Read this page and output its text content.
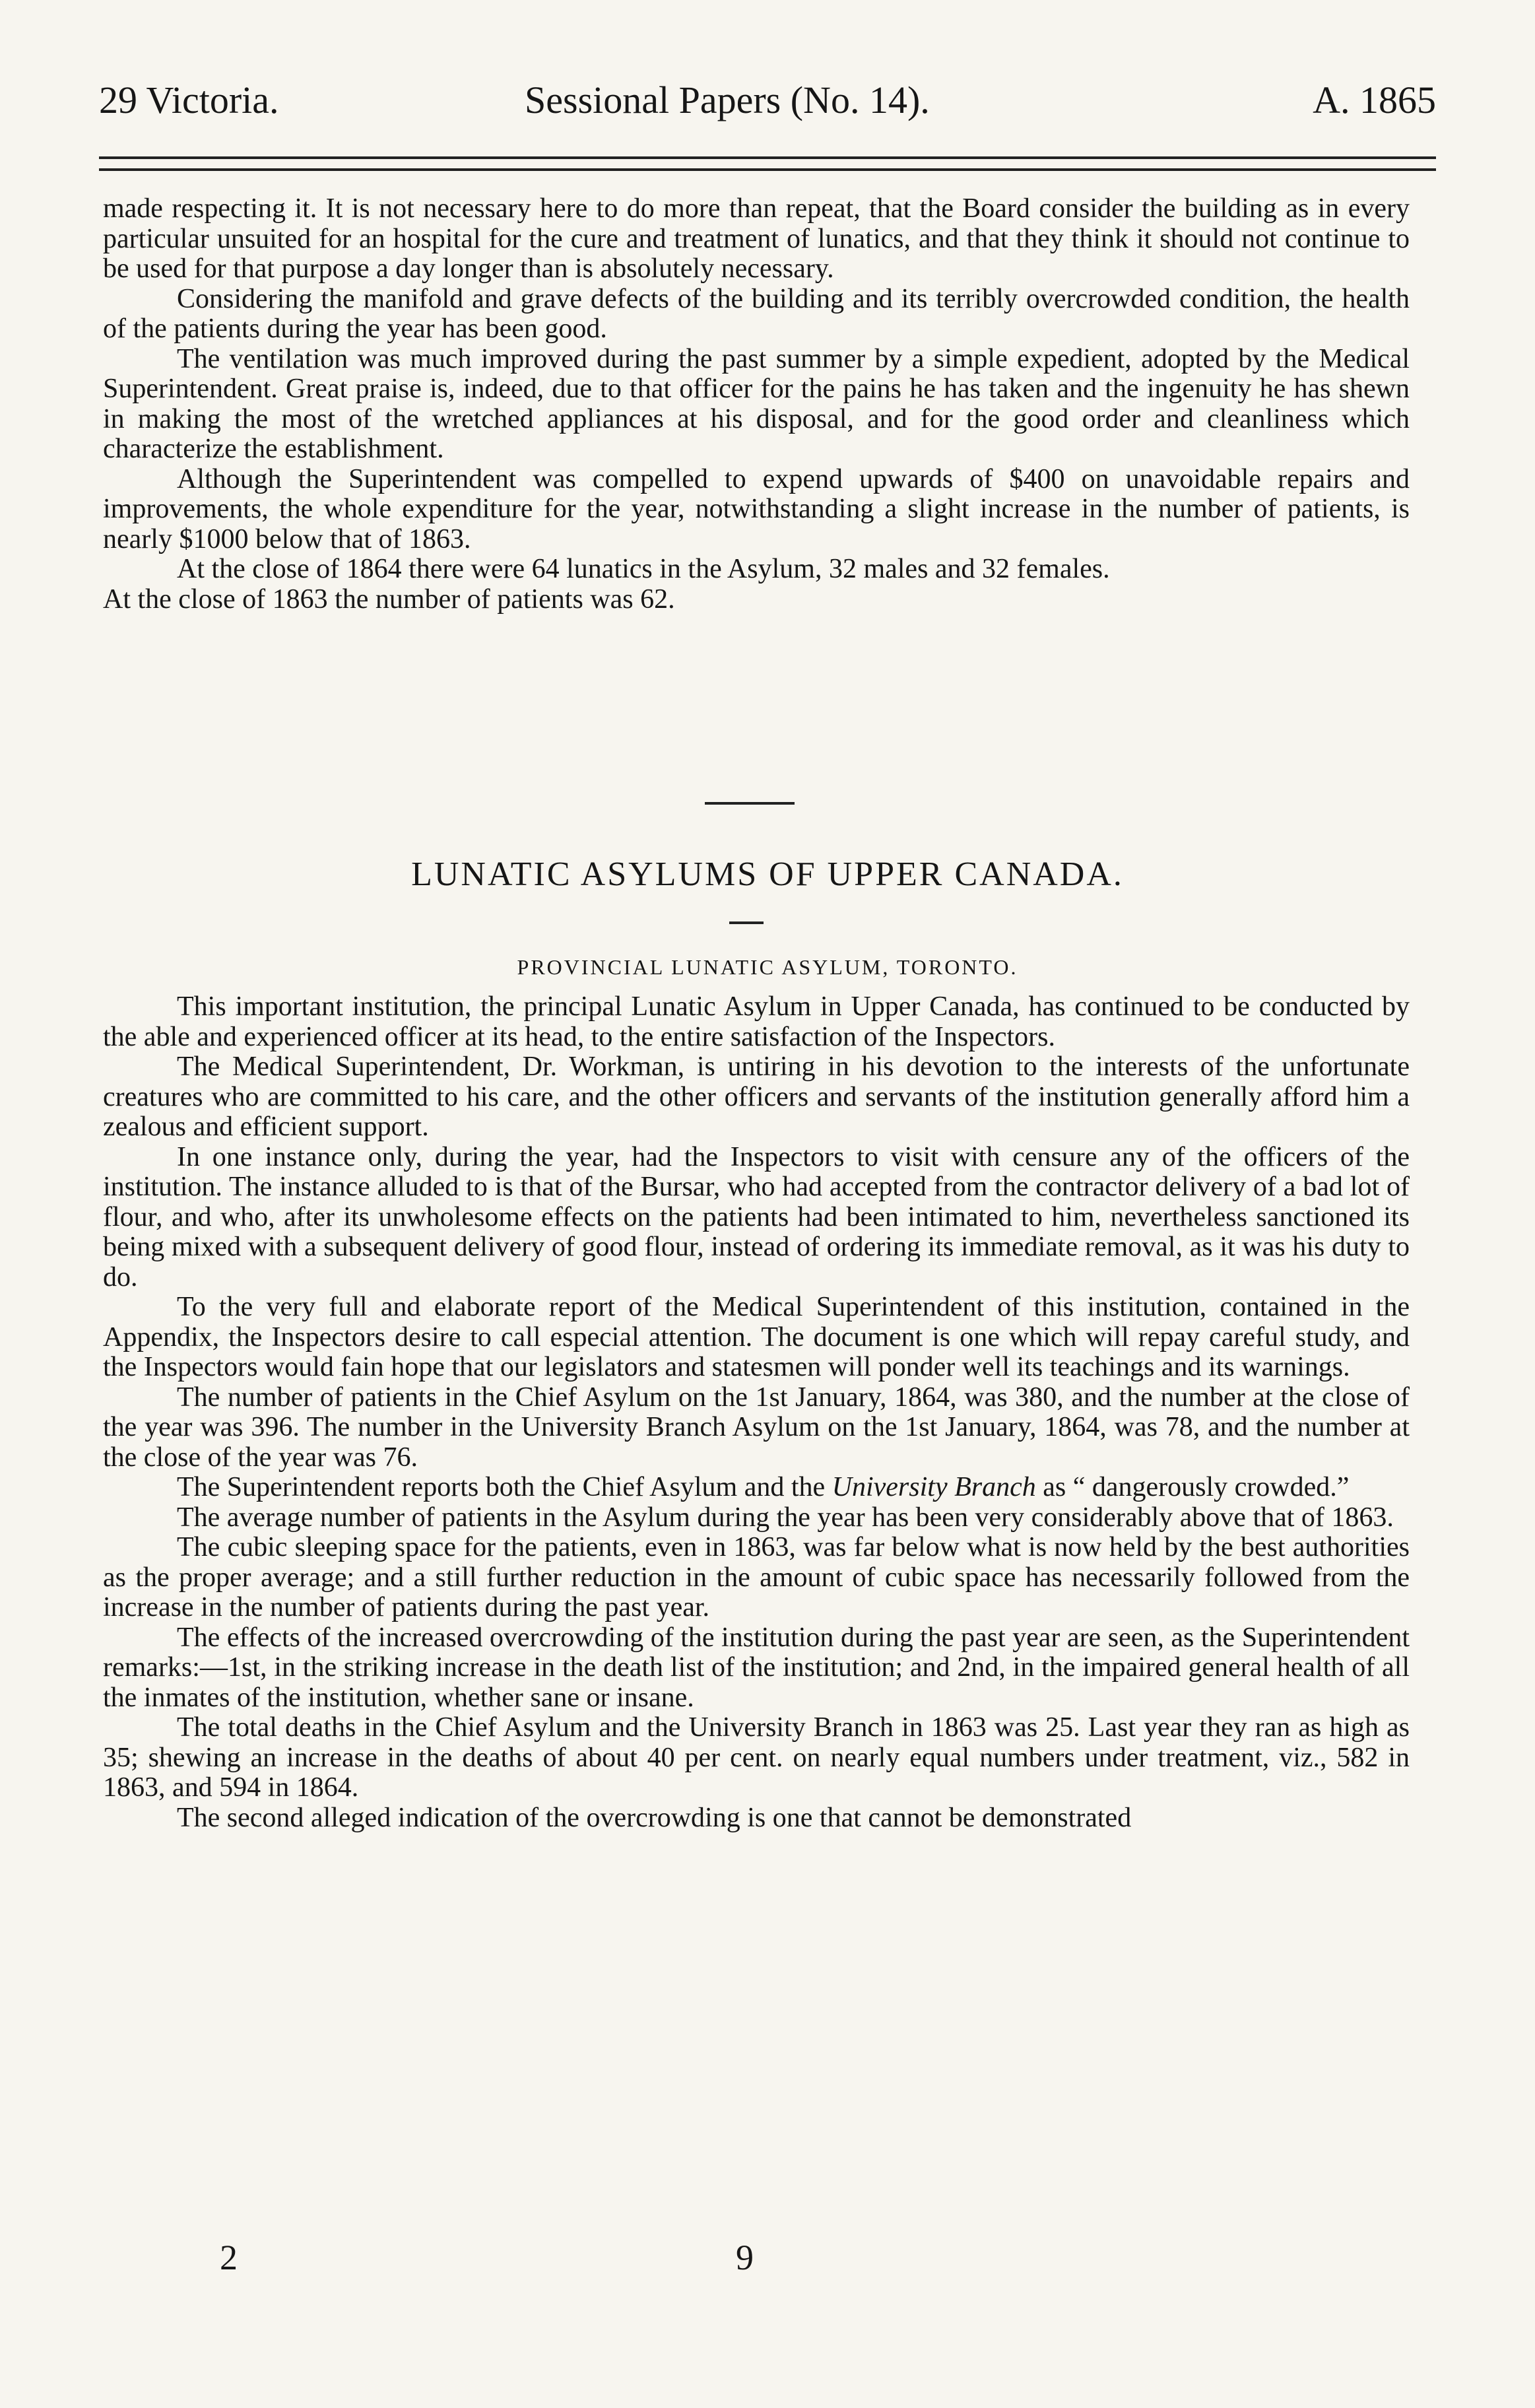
29 Victoria.	Sessional Papers (No. 14).	A. 1865

made respecting it. It is not necessary here to do more than repeat, that the Board consider the building as in every particular unsuited for an hospital for the cure and treatment of lunatics, and that they think it should not continue to be used for that purpose a day longer than is absolutely necessary.

Considering the manifold and grave defects of the building and its terribly overcrowded condition, the health of the patients during the year has been good.

The ventilation was much improved during the past summer by a simple expedient, adopted by the Medical Superintendent. Great praise is, indeed, due to that officer for the pains he has taken and the ingenuity he has shewn in making the most of the wretched appliances at his disposal, and for the good order and cleanliness which characterize the establishment.

Although the Superintendent was compelled to expend upwards of $400 on unavoidable repairs and improvements, the whole expenditure for the year, notwithstanding a slight increase in the number of patients, is nearly $1000 below that of 1863.

At the close of 1864 there were 64 lunatics in the Asylum, 32 males and 32 females.

At the close of 1863 the number of patients was 62.

LUNATIC ASYLUMS OF UPPER CANADA.
PROVINCIAL LUNATIC ASYLUM, TORONTO.

This important institution, the principal Lunatic Asylum in Upper Canada, has continued to be conducted by the able and experienced officer at its head, to the entire satisfaction of the Inspectors.

The Medical Superintendent, Dr. Workman, is untiring in his devotion to the interests of the unfortunate creatures who are committed to his care, and the other officers and servants of the institution generally afford him a zealous and efficient support.

In one instance only, during the year, had the Inspectors to visit with censure any of the officers of the institution. The instance alluded to is that of the Bursar, who had accepted from the contractor delivery of a bad lot of flour, and who, after its unwholesome effects on the patients had been intimated to him, nevertheless sanctioned its being mixed with a subsequent delivery of good flour, instead of ordering its immediate removal, as it was his duty to do.

To the very full and elaborate report of the Medical Superintendent of this institution, contained in the Appendix, the Inspectors desire to call especial attention. The document is one which will repay careful study, and the Inspectors would fain hope that our legislators and statesmen will ponder well its teachings and its warnings.

The number of patients in the Chief Asylum on the 1st January, 1864, was 380, and the number at the close of the year was 396. The number in the University Branch Asylum on the 1st January, 1864, was 78, and the number at the close of the year was 76.

The Superintendent reports both the Chief Asylum and the University Branch as “ dangerously crowded.”

The average number of patients in the Asylum during the year has been very considerably above that of 1863.

The cubic sleeping space for the patients, even in 1863, was far below what is now held by the best authorities as the proper average; and a still further reduction in the amount of cubic space has necessarily followed from the increase in the number of patients during the past year.

The effects of the increased overcrowding of the institution during the past year are seen, as the Superintendent remarks:—1st, in the striking increase in the death list of the institution; and 2nd, in the impaired general health of all the inmates of the institution, whether sane or insane.

The total deaths in the Chief Asylum and the University Branch in 1863 was 25. Last year they ran as high as 35; shewing an increase in the deaths of about 40 per cent. on nearly equal numbers under treatment, viz., 582 in 1863, and 594 in 1864.

The second alleged indication of the overcrowding is one that cannot be demonstrated

2	9
